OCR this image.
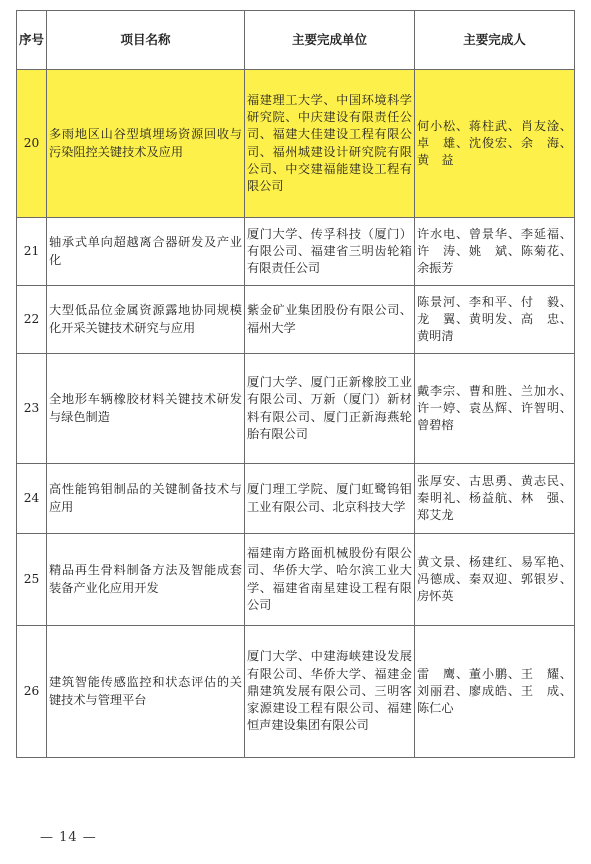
序号	项目名称	主要完成单位	主要完成人
20	多雨地区山谷型填埋场资源回收与污染阻控关键技术及应用	福建理工大学、中国环境科学研究院、中庆建设有限责任公司、福建大佳建设工程有限公司、福州城建设计研究院有限公司、中交建福能建设工程有限公司	何小松、蒋柱武、肖友淦、卓　雄、沈俊宏、余　海、黄　益
21	轴承式单向超越离合器研发及产业化	厦门大学、传孚科技（厦门）有限公司、福建省三明齿轮箱有限责任公司	许水电、曾景华、李延福、许　涛、姚　斌、陈菊花、余振芳
22	大型低品位金属资源露地协同规模化开采关键技术研究与应用	紫金矿业集团股份有限公司、福州大学	陈景河、李和平、付　毅、龙　翼、黄明发、高　忠、黄明清
23	全地形车辆橡胶材料关键技术研发与绿色制造	厦门大学、厦门正新橡胶工业有限公司、万新（厦门）新材料有限公司、厦门正新海燕轮胎有限公司	戴李宗、曹和胜、兰加水、许一婷、袁丛辉、许智明、曾碧榕
24	高性能钨钼制品的关键制备技术与应用	厦门理工学院、厦门虹鹭钨钼工业有限公司、北京科技大学	张厚安、古思勇、黄志民、秦明礼、杨益航、林　强、郑艾龙
25	精品再生骨料制备方法及智能成套装备产业化应用开发	福建南方路面机械股份有限公司、华侨大学、哈尔滨工业大学、福建省南星建设工程有限公司	黄文景、杨建红、易军艳、冯德成、秦双迎、郭银岁、房怀英
26	建筑智能传感监控和状态评估的关键技术与管理平台	厦门大学、中建海峡建设发展有限公司、华侨大学、福建金鼎建筑发展有限公司、三明客家源建设工程有限公司、福建恒声建设集团有限公司	雷　鹰、董小鹏、王　耀、刘丽君、廖成皓、王　成、陈仁心
— 14 —
